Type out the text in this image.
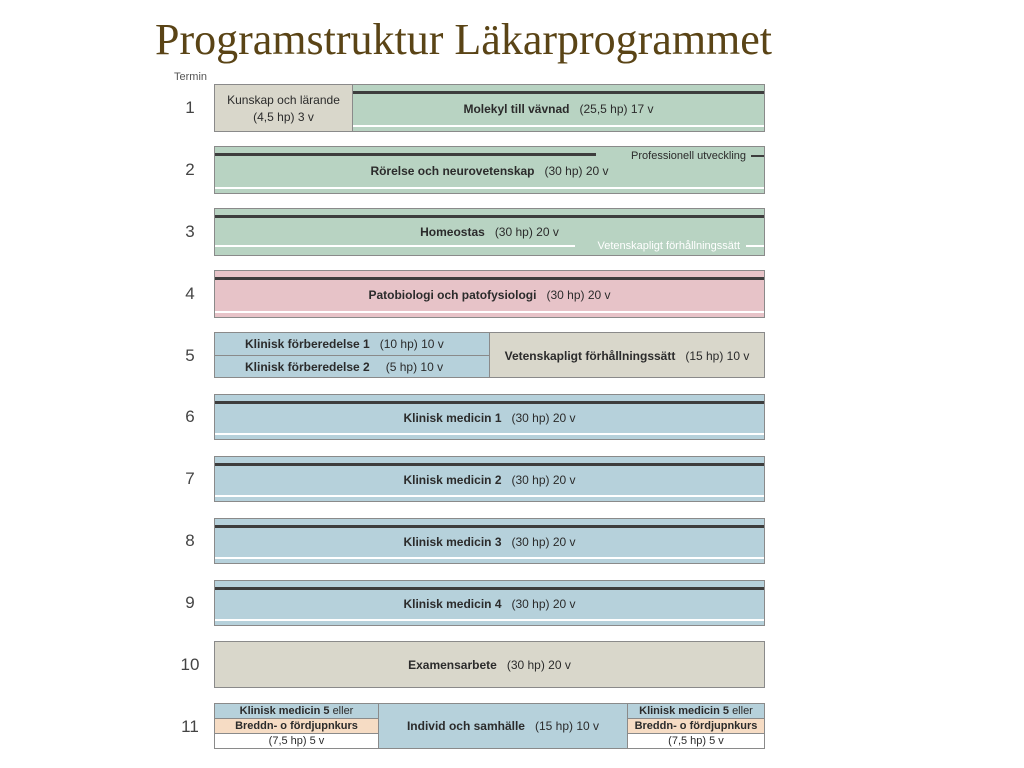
Programstruktur Läkarprogrammet
Termin
1
2
3
4
5
6
7
8
9
10
11
Kunskap och lärande
(4,5 hp) 3 v
Molekyl till vävnad (25,5 hp) 17 v
Professionell utveckling
Rörelse och neurovetenskap (30 hp) 20 v
Homeostas (30 hp) 20 v
Vetenskapligt förhållningssätt
Patobiologi och patofysiologi (30 hp) 20 v
Klinisk förberedelse 1 (10 hp) 10 v
Klinisk förberedelse 2 (5 hp) 10 v
Vetenskapligt förhållningssätt (15 hp) 10 v
Klinisk medicin 1 (30 hp) 20 v
Klinisk medicin 2 (30 hp) 20 v
Klinisk medicin 3 (30 hp) 20 v
Klinisk medicin 4 (30 hp) 20 v
Examensarbete (30 hp) 20 v
Klinisk medicin 5 eller
Breddn- o fördjupnkurs
(7,5 hp) 5 v
Individ och samhälle (15 hp) 10 v
Klinisk medicin 5 eller
Breddn- o fördjupnkurs
(7,5 hp) 5 v
